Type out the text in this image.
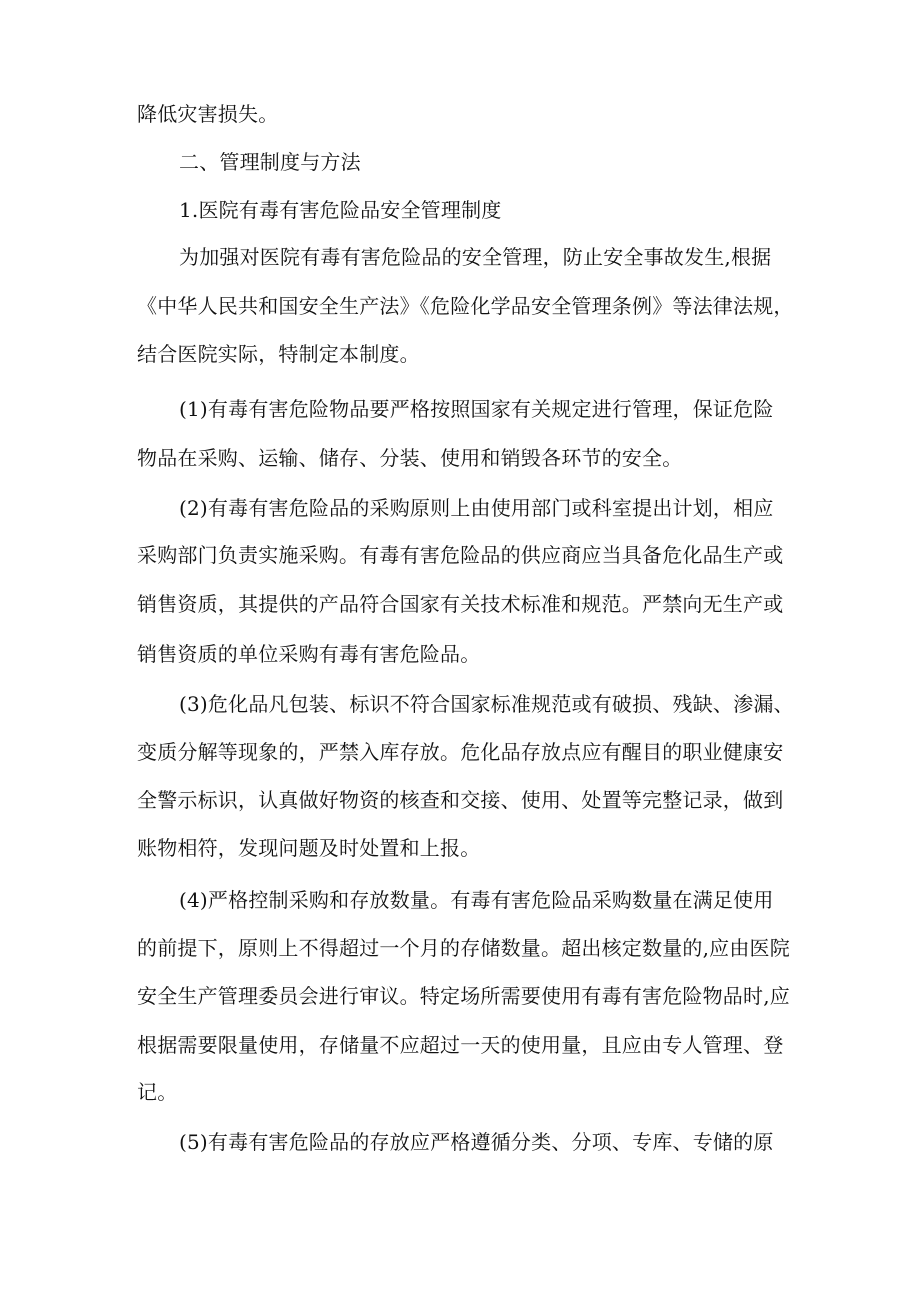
降低灾害损失。
二、管理制度与方法
1.医院有毒有害危险品安全管理制度
为加强对医院有毒有害危险品的安全管理，防止安全事故发生,根据
《中华人民共和国安全生产法》《危险化学品安全管理条例》等法律法规，
结合医院实际，特制定本制度。
(1)有毒有害危险物品要严格按照国家有关规定进行管理，保证危险
物品在采购、运输、储存、分装、使用和销毁各环节的安全。
(2)有毒有害危险品的采购原则上由使用部门或科室提出计划，相应
采购部门负责实施采购。有毒有害危险品的供应商应当具备危化品生产或
销售资质，其提供的产品符合国家有关技术标准和规范。严禁向无生产或
销售资质的单位采购有毒有害危险品。
(3)危化品凡包装、标识不符合国家标准规范或有破损、残缺、渗漏、
变质分解等现象的，严禁入库存放。危化品存放点应有醒目的职业健康安
全警示标识，认真做好物资的核查和交接、使用、处置等完整记录，做到
账物相符，发现问题及时处置和上报。
(4)严格控制采购和存放数量。有毒有害危险品采购数量在满足使用
的前提下，原则上不得超过一个月的存储数量。超出核定数量的,应由医院
安全生产管理委员会进行审议。特定场所需要使用有毒有害危险物品时,应
根据需要限量使用，存储量不应超过一天的使用量，且应由专人管理、登
记。
(5)有毒有害危险品的存放应严格遵循分类、分项、专库、专储的原
